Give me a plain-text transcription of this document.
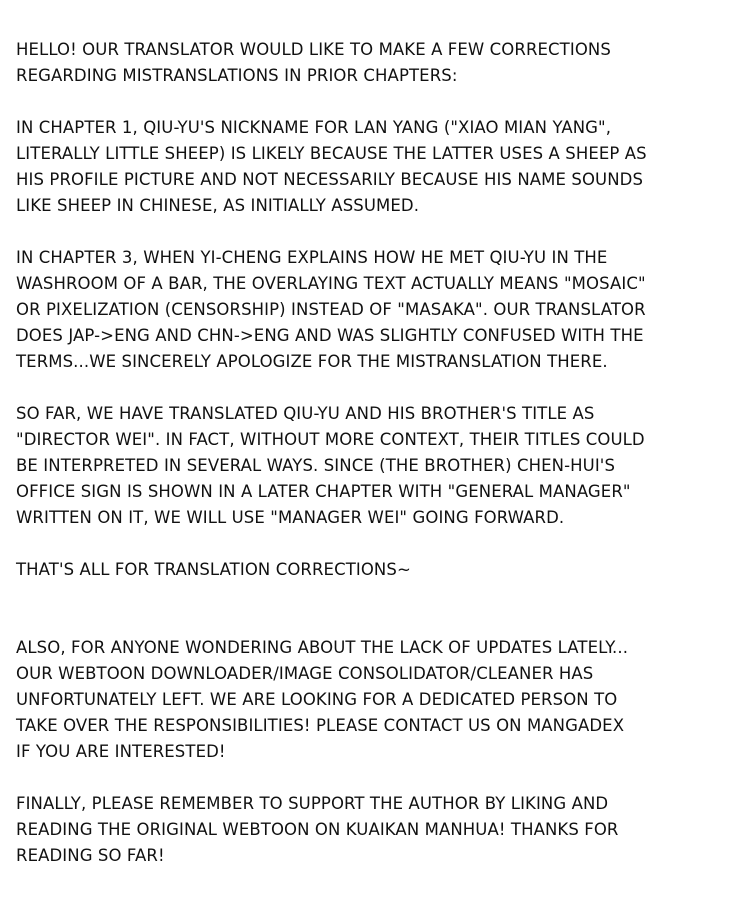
HELLO! OUR TRANSLATOR WOULD LIKE TO MAKE A FEW CORRECTIONS
REGARDING MISTRANSLATIONS IN PRIOR CHAPTERS:

IN CHAPTER 1, QIU-YU'S NICKNAME FOR LAN YANG ("XIAO MIAN YANG",
LITERALLY LITTLE SHEEP) IS LIKELY BECAUSE THE LATTER USES A SHEEP AS
HIS PROFILE PICTURE AND NOT NECESSARILY BECAUSE HIS NAME SOUNDS
LIKE SHEEP IN CHINESE, AS INITIALLY ASSUMED.

IN CHAPTER 3, WHEN YI-CHENG EXPLAINS HOW HE MET QIU-YU IN THE
WASHROOM OF A BAR, THE OVERLAYING TEXT ACTUALLY MEANS "MOSAIC"
OR PIXELIZATION (CENSORSHIP) INSTEAD OF "MASAKA". OUR TRANSLATOR
DOES JAP->ENG AND CHN->ENG AND WAS SLIGHTLY CONFUSED WITH THE
TERMS...WE SINCERELY APOLOGIZE FOR THE MISTRANSLATION THERE.

SO FAR, WE HAVE TRANSLATED QIU-YU AND HIS BROTHER'S TITLE AS
"DIRECTOR WEI". IN FACT, WITHOUT MORE CONTEXT, THEIR TITLES COULD
BE INTERPRETED IN SEVERAL WAYS. SINCE (THE BROTHER) CHEN-HUI'S
OFFICE SIGN IS SHOWN IN A LATER CHAPTER WITH "GENERAL MANAGER"
WRITTEN ON IT, WE WILL USE "MANAGER WEI" GOING FORWARD.

THAT'S ALL FOR TRANSLATION CORRECTIONS~

ALSO, FOR ANYONE WONDERING ABOUT THE LACK OF UPDATES LATELY...
OUR WEBTOON DOWNLOADER/IMAGE CONSOLIDATOR/CLEANER HAS
UNFORTUNATELY LEFT. WE ARE LOOKING FOR A DEDICATED PERSON TO
TAKE OVER THE RESPONSIBILITIES! PLEASE CONTACT US ON MANGADEX
IF YOU ARE INTERESTED!

FINALLY, PLEASE REMEMBER TO SUPPORT THE AUTHOR BY LIKING AND
READING THE ORIGINAL WEBTOON ON KUAIKAN MANHUA! THANKS FOR
READING SO FAR!
